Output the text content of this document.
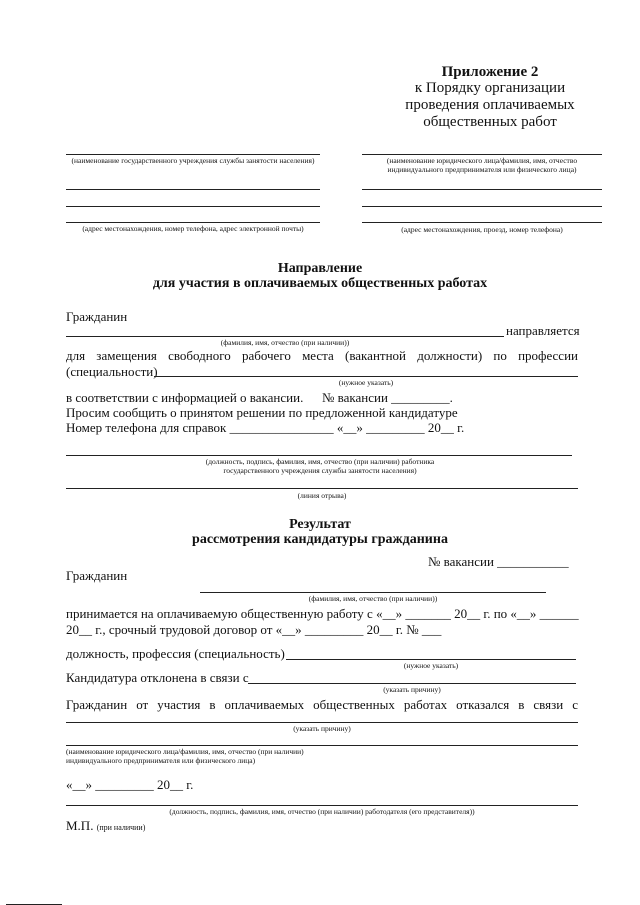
Приложение 2
к Порядку организации
проведения оплачиваемых
общественных работ
(наименование государственного учреждения службы занятости населения)
(адрес местонахождения, номер телефона, адрес электронной почты)
(наименование юридического лица/фамилия, имя, отчество индивидуального предпринимателя или физического лица)
(адрес местонахождения, проезд, номер телефона)
Направление
для участия в оплачиваемых общественных работах
Гражданин
направляется
(фамилия, имя, отчество (при наличии))
для замещения свободного рабочего места (вакантной должности) по профессии
(специальности)
(нужное указать)
в соответствии с информацией о вакансии. № вакансии _________.
Просим сообщить о принятом решении по предложенной кандидатуре
Номер телефона для справок ________________ «__» _________ 20__ г.
(должность, подпись, фамилия, имя, отчество (при наличии) работника государственного учреждения службы занятости населения)
(линия отрыва)
Результат
рассмотрения кандидатуры гражданина
№ вакансии ___________
Гражданин
(фамилия, имя, отчество (при наличии))
принимается на оплачиваемую общественную работу с «__» _______ 20__ г. по «__» ______
20__ г., срочный трудовой договор от «__» _________ 20__ г. № ___
должность, профессия (специальность)
(нужное указать)
Кандидатура отклонена в связи с
(указать причину)
Гражданин от участия в оплачиваемых общественных работах отказался в связи с
(указать причину)
(наименование юридического лица/фамилия, имя, отчество (при наличии) индивидуального предпринимателя или физического лица)
«__» _________ 20__ г.
(должность, подпись, фамилия, имя, отчество (при наличии) работодателя (его представителя))
М.П. (при наличии)
